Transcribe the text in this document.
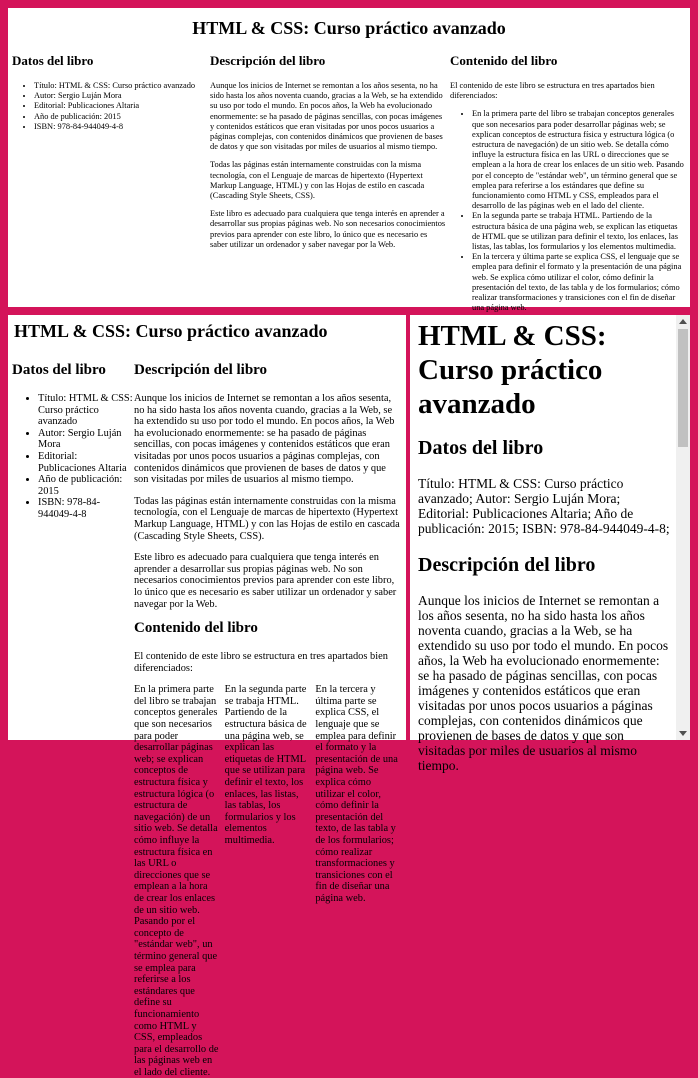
HTML & CSS: Curso práctico avanzado
Datos del libro
• Título: HTML & CSS: Curso práctico avanzado
• Autor: Sergio Luján Mora
• Editorial: Publicaciones Altaria
• Año de publicación: 2015
• ISBN: 978-84-944049-4-8
Descripción del libro

Aunque los inicios de Internet se remontan a los años sesenta, no ha sido hasta los años noventa cuando, gracias a la Web, se ha extendido su uso por todo el mundo. En pocos años, la Web ha evolucionado enormemente: se ha pasado de páginas sencillas, con pocas imágenes y contenidos estáticos que eran visitadas por unos pocos usuarios a páginas complejas, con contenidos dinámicos que provienen de bases de datos y que son visitadas por miles de usuarios al mismo tiempo.

Todas las páginas están internamente construidas con la misma tecnología, con el Lenguaje de marcas de hipertexto (Hypertext Markup Language, HTML) y con las Hojas de estilo en cascada (Cascading Style Sheets, CSS).

Este libro es adecuado para cualquiera que tenga interés en aprender a desarrollar sus propias páginas web. No son necesarios conocimientos previos para aprender con este libro, lo único que es necesario es saber utilizar un ordenador y saber navegar por la Web.

Contenido del libro

El contenido de este libro se estructura en tres apartados bien diferenciados:

• En la primera parte del libro se trabajan conceptos generales que son necesarios para poder desarrollar páginas web; se explican conceptos de estructura física y estructura lógica (o estructura de navegación) de un sitio web. Se detalla cómo influye la estructura física en las URL o direcciones que se emplean a la hora de crear los enlaces de un sitio web. Pasando por el concepto de "estándar web", un término general que se emplea para referirse a los estándares que define su funcionamiento como HTML y CSS, empleados para el desarrollo de las páginas web en el lado del cliente.
• En la segunda parte se trabaja HTML. Partiendo de la estructura básica de una página web, se explican las etiquetas de HTML que se utilizan para definir el texto, los enlaces, las listas, las tablas, los formularios y los elementos multimedia.
• En la tercera y última parte se explica CSS, el lenguaje que se emplea para definir el formato y la presentación de una página web. Se explica cómo utilizar el color, cómo definir la presentación del texto, de las tabla y de los formularios; cómo realizar transformaciones y transiciones con el fin de diseñar una página web.
HTML & CSS: Curso práctico avanzado
Datos del libro
• Título: HTML & CSS: Curso práctico avanzado
• Autor: Sergio Luján Mora
• Editorial: Publicaciones Altaria
• Año de publicación: 2015
• ISBN: 978-84-944049-4-8
Descripción del libro

Aunque los inicios de Internet se remontan a los años sesenta, no ha sido hasta los años noventa cuando, gracias a la Web, se ha extendido su uso por todo el mundo. En pocos años, la Web ha evolucionado enormemente: se ha pasado de páginas sencillas, con pocas imágenes y contenidos estáticos que eran visitadas por unos pocos usuarios a páginas complejas, con contenidos dinámicos que provienen de bases de datos y que son visitadas por miles de usuarios al mismo tiempo.

Todas las páginas están internamente construidas con la misma tecnología, con el Lenguaje de marcas de hipertexto (Hypertext Markup Language, HTML) y con las Hojas de estilo en cascada (Cascading Style Sheets, CSS).

Este libro es adecuado para cualquiera que tenga interés en aprender a desarrollar sus propias páginas web. No son necesarios conocimientos previos para aprender con este libro, lo único que es necesario es saber utilizar un ordenador y saber navegar por la Web.

Contenido del libro

El contenido de este libro se estructura en tres apartados bien diferenciados:

En la primera parte del libro se trabajan conceptos generales que son necesarios para poder desarrollar páginas web; se explican conceptos de estructura física y estructura lógica (o estructura de navegación) de un sitio web. Se detalla cómo influye la estructura física en las URL o direcciones que se emplean a la hora de crear los enlaces de un sitio web. Pasando por el concepto de "estándar web", un término general que se emplea para referirse a los estándares que define su funcionamiento como HTML y CSS, empleados para el desarrollo de las páginas web en el lado del cliente.

En la segunda parte se trabaja HTML. Partiendo de la estructura básica de una página web, se explican las etiquetas de HTML que se utilizan para definir el texto, los enlaces, las listas, las tablas, los formularios y los elementos multimedia.

En la tercera y última parte se explica CSS, el lenguaje que se emplea para definir el formato y la presentación de una página web. Se explica cómo utilizar el color, cómo definir la presentación del texto, de las tabla y de los formularios; cómo realizar transformaciones y transiciones con el fin de diseñar una página web.

HTML & CSS: Curso práctico avanzado
Datos del libro

Título: HTML & CSS: Curso práctico avanzado; Autor: Sergio Luján Mora; Editorial: Publicaciones Altaria; Año de publicación: 2015; ISBN: 978-84-944049-4-8;

Descripción del libro

Aunque los inicios de Internet se remontan a los años sesenta, no ha sido hasta los años noventa cuando, gracias a la Web, se ha extendido su uso por todo el mundo. En pocos años, la Web ha evolucionado enormemente: se ha pasado de páginas sencillas, con pocas imágenes y contenidos estáticos que eran visitadas por unos pocos usuarios a páginas complejas, con contenidos dinámicos que provienen de bases de datos y que son visitadas por miles de usuarios al mismo tiempo.
